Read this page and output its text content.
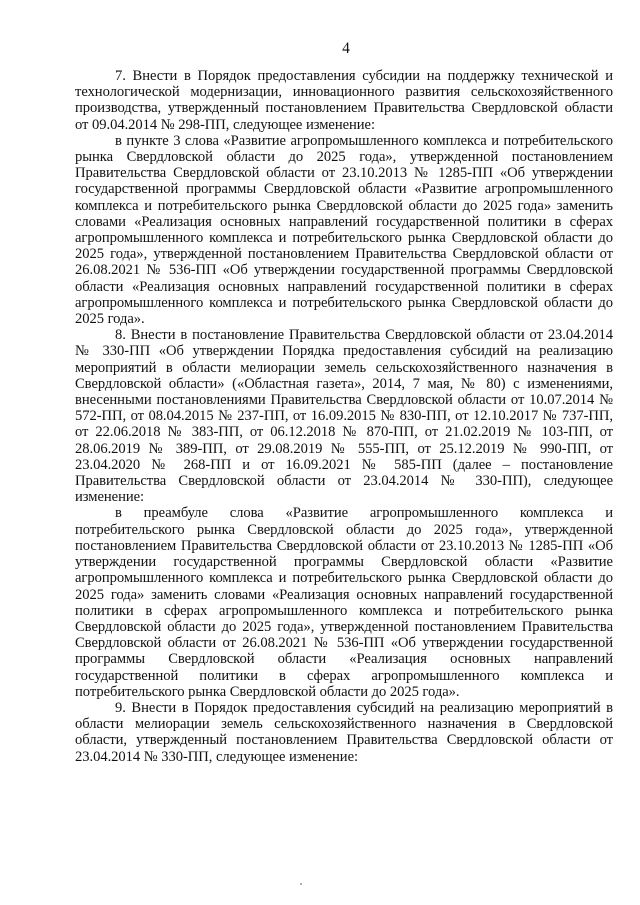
4

7. Внести в Порядок предоставления субсидии на поддержку технической и технологической модернизации, инновационного развития сельскохозяйственного производства, утвержденный постановлением Правительства Свердловской области от 09.04.2014 № 298-ПП, следующее изменение:

в пункте 3 слова «Развитие агропромышленного комплекса и потребительского рынка Свердловской области до 2025 года», утвержденной постановлением Правительства Свердловской области от 23.10.2013 № 1285-ПП «Об утверждении государственной программы Свердловской области «Развитие агропромышленного комплекса и потребительского рынка Свердловской области до 2025 года» заменить словами «Реализация основных направлений государственной политики в сферах агропромышленного комплекса и потребительского рынка Свердловской области до 2025 года», утвержденной постановлением Правительства Свердловской области от 26.08.2021 № 536-ПП «Об утверждении государственной программы Свердловской области «Реализация основных направлений государственной политики в сферах агропромышленного комплекса и потребительского рынка Свердловской области до 2025 года».

8. Внести в постановление Правительства Свердловской области от 23.04.2014 № 330-ПП «Об утверждении Порядка предоставления субсидий на реализацию мероприятий в области мелиорации земель сельскохозяйственного назначения в Свердловской области» («Областная газета», 2014, 7 мая, № 80) с изменениями, внесенными постановлениями Правительства Свердловской области от 10.07.2014 № 572-ПП, от 08.04.2015 № 237-ПП, от 16.09.2015 № 830-ПП, от 12.10.2017 № 737-ПП, от 22.06.2018 № 383-ПП, от 06.12.2018 № 870-ПП, от 21.02.2019 № 103-ПП, от 28.06.2019 № 389-ПП, от 29.08.2019 № 555-ПП, от 25.12.2019 № 990-ПП, от 23.04.2020 № 268-ПП и от 16.09.2021 № 585-ПП (далее – постановление Правительства Свердловской области от 23.04.2014 № 330-ПП), следующее изменение:

в преамбуле слова «Развитие агропромышленного комплекса и потребительского рынка Свердловской области до 2025 года», утвержденной постановлением Правительства Свердловской области от 23.10.2013 № 1285-ПП «Об утверждении государственной программы Свердловской области «Развитие агропромышленного комплекса и потребительского рынка Свердловской области до 2025 года» заменить словами «Реализация основных направлений государственной политики в сферах агропромышленного комплекса и потребительского рынка Свердловской области до 2025 года», утвержденной постановлением Правительства Свердловской области от 26.08.2021 № 536-ПП «Об утверждении государственной программы Свердловской области «Реализация основных направлений государственной политики в сферах агропромышленного комплекса и потребительского рынка Свердловской области до 2025 года».

9. Внести в Порядок предоставления субсидий на реализацию мероприятий в области мелиорации земель сельскохозяйственного назначения в Свердловской области, утвержденный постановлением Правительства Свердловской области от 23.04.2014 № 330-ПП, следующее изменение:
